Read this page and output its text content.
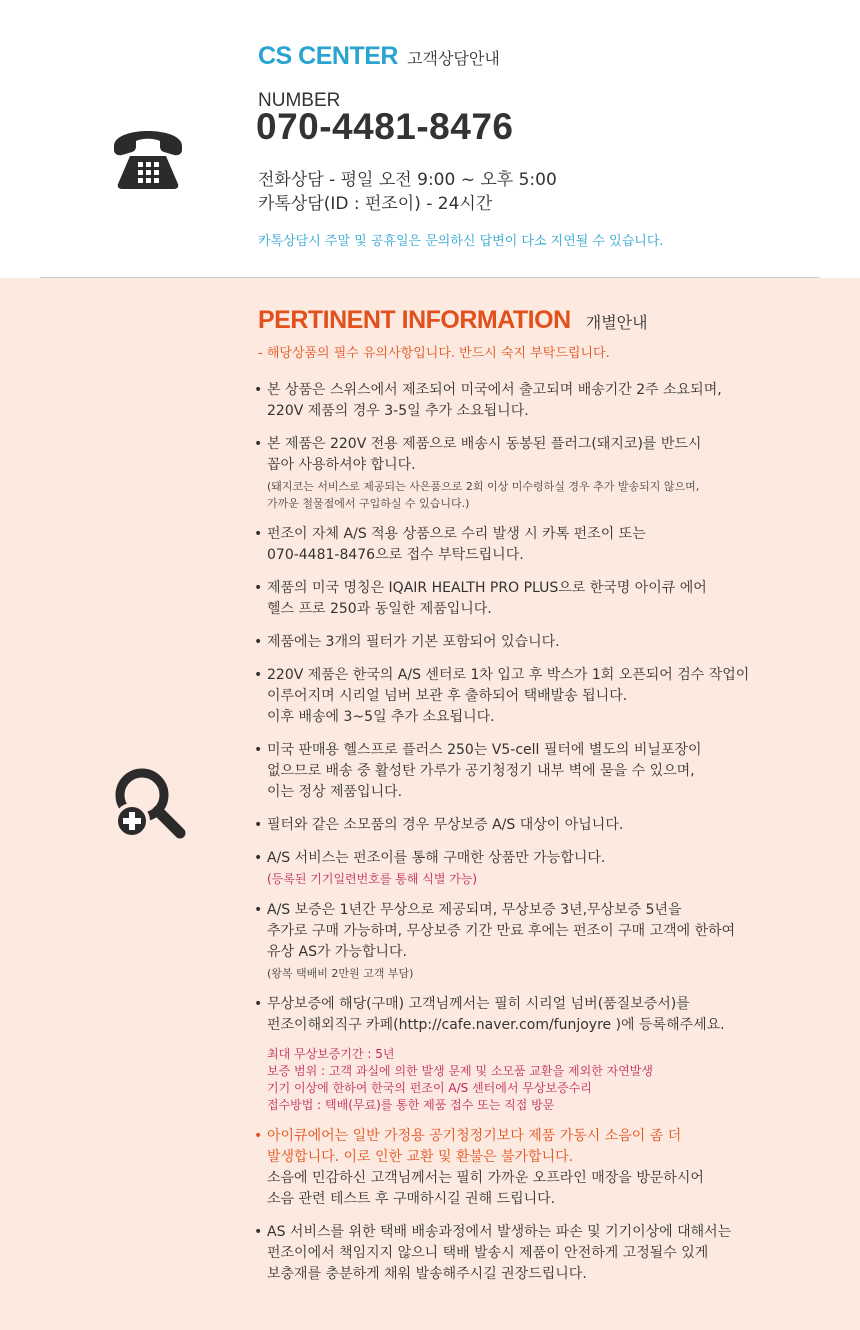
CS CENTER 고객상담안내
NUMBER
070-4481-8476
전화상담 - 평일 오전 9:00 ~ 오후 5:00
카톡상담(ID : 펀조이) - 24시간
카톡상담시 주말 및 공휴일은 문의하신 답변이 다소 지연될 수 있습니다.
PERTINENT INFORMATION 개별안내
- 해당상품의 필수 유의사항입니다. 반드시 숙지 부탁드립니다.
• 본 상품은 스위스에서 제조되어 미국에서 출고되며 배송기간 2주 소요되며,
220V 제품의 경우 3-5일 추가 소요됩니다.
• 본 제품은 220V 전용 제품으로 배송시 동봉된 플러그(돼지코)를 반드시
꼽아 사용하셔야 합니다.
(돼지코는 서비스로 제공되는 사은품으로 2회 이상 미수령하실 경우 추가 발송되지 않으며,
가까운 철물점에서 구입하실 수 있습니다.)
• 펀조이 자체 A/S 적용 상품으로 수리 발생 시 카톡 펀조이 또는
070-4481-8476으로 접수 부탁드립니다.
• 제품의 미국 명칭은 IQAIR HEALTH PRO PLUS으로 한국명 아이큐 에어
헬스 프로 250과 동일한 제품입니다.
• 제품에는 3개의 필터가 기본 포함되어 있습니다.
• 220V 제품은 한국의 A/S 센터로 1차 입고 후 박스가 1회 오픈되어 검수 작업이
이루어지며 시리얼 넘버 보관 후 출하되어 택배발송 됩니다.
이후 배송에 3~5일 추가 소요됩니다.
• 미국 판매용 헬스프로 플러스 250는 V5-cell 필터에 별도의 비닐포장이
없으므로 배송 중 활성탄 가루가 공기청정기 내부 벽에 묻을 수 있으며,
이는 정상 제품입니다.
• 필터와 같은 소모품의 경우 무상보증 A/S 대상이 아닙니다.
• A/S 서비스는 펀조이를 통해 구매한 상품만 가능합니다.
(등록된 기기일련번호를 통해 식별 가능)
• A/S 보증은 1년간 무상으로 제공되며, 무상보증 3년,무상보증 5년을
추가로 구매 가능하며, 무상보증 기간 만료 후에는 펀조이 구매 고객에 한하여
유상 AS가 가능합니다.
(왕복 택배비 2만원 고객 부담)
• 무상보증에 해당(구매) 고객님께서는 필히 시리얼 넘버(품질보증서)를
펀조이해외직구 카페(http://cafe.naver.com/funjoyre )에 등록해주세요.
최대 무상보증기간 : 5년
보증 범위 : 고객 과실에 의한 발생 문제 및 소모품 교환을 제외한 자연발생
기기 이상에 한하여 한국의 펀조이 A/S 센터에서 무상보증수리
접수방법 : 택배(무료)를 통한 제품 접수 또는 직접 방문
• 아이큐에어는 일반 가정용 공기청정기보다 제품 가동시 소음이 좀 더
발생합니다. 이로 인한 교환 및 환불은 불가합니다.
소음에 민감하신 고객님께서는 필히 가까운 오프라인 매장을 방문하시어
소음 관련 테스트 후 구매하시길 권해 드립니다.
• AS 서비스를 위한 택배 배송과정에서 발생하는 파손 및 기기이상에 대해서는
펀조이에서 책임지지 않으니 택배 발송시 제품이 안전하게 고정될수 있게
보충재를 충분하게 채워 발송해주시길 권장드립니다.
